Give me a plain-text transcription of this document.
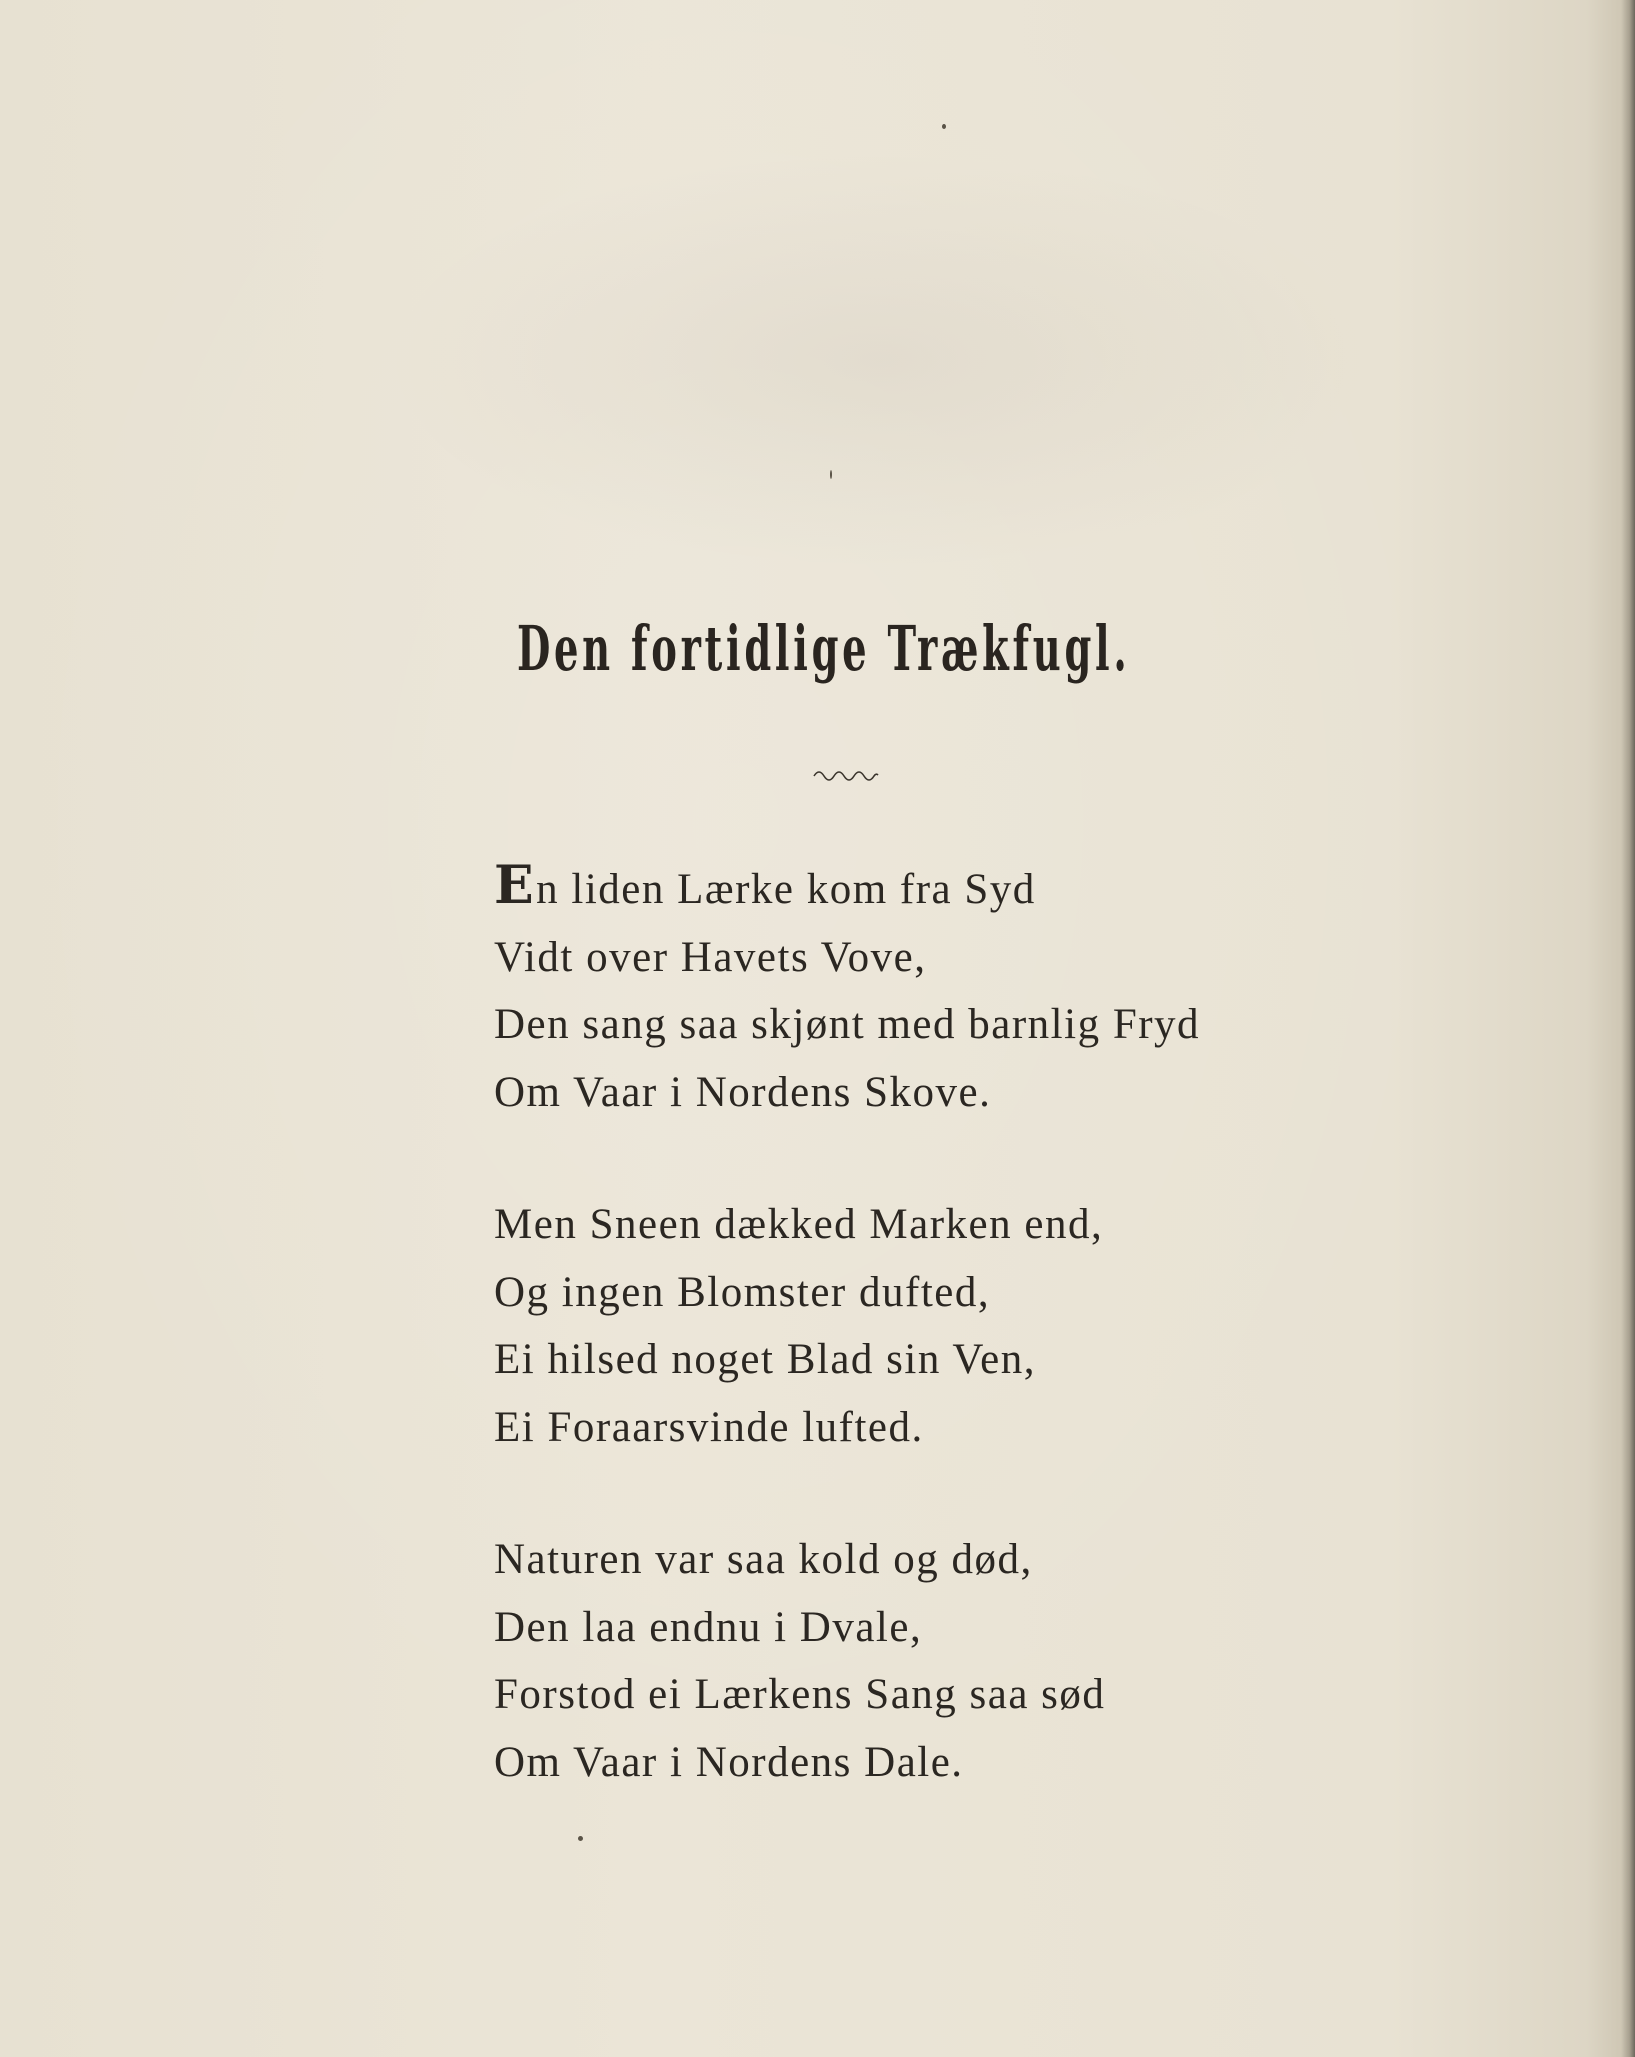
Den fortidlige Trækfugl.
En liden Lærke kom fra Syd
Vidt over Havets Vove,
Den sang saa skjønt med barnlig Fryd
Om Vaar i Nordens Skove.
Men Sneen dækked Marken end,
Og ingen Blomster dufted,
Ei hilsed noget Blad sin Ven,
Ei Foraarsvinde lufted.
Naturen var saa kold og død,
Den laa endnu i Dvale,
Forstod ei Lærkens Sang saa sød
Om Vaar i Nordens Dale.
